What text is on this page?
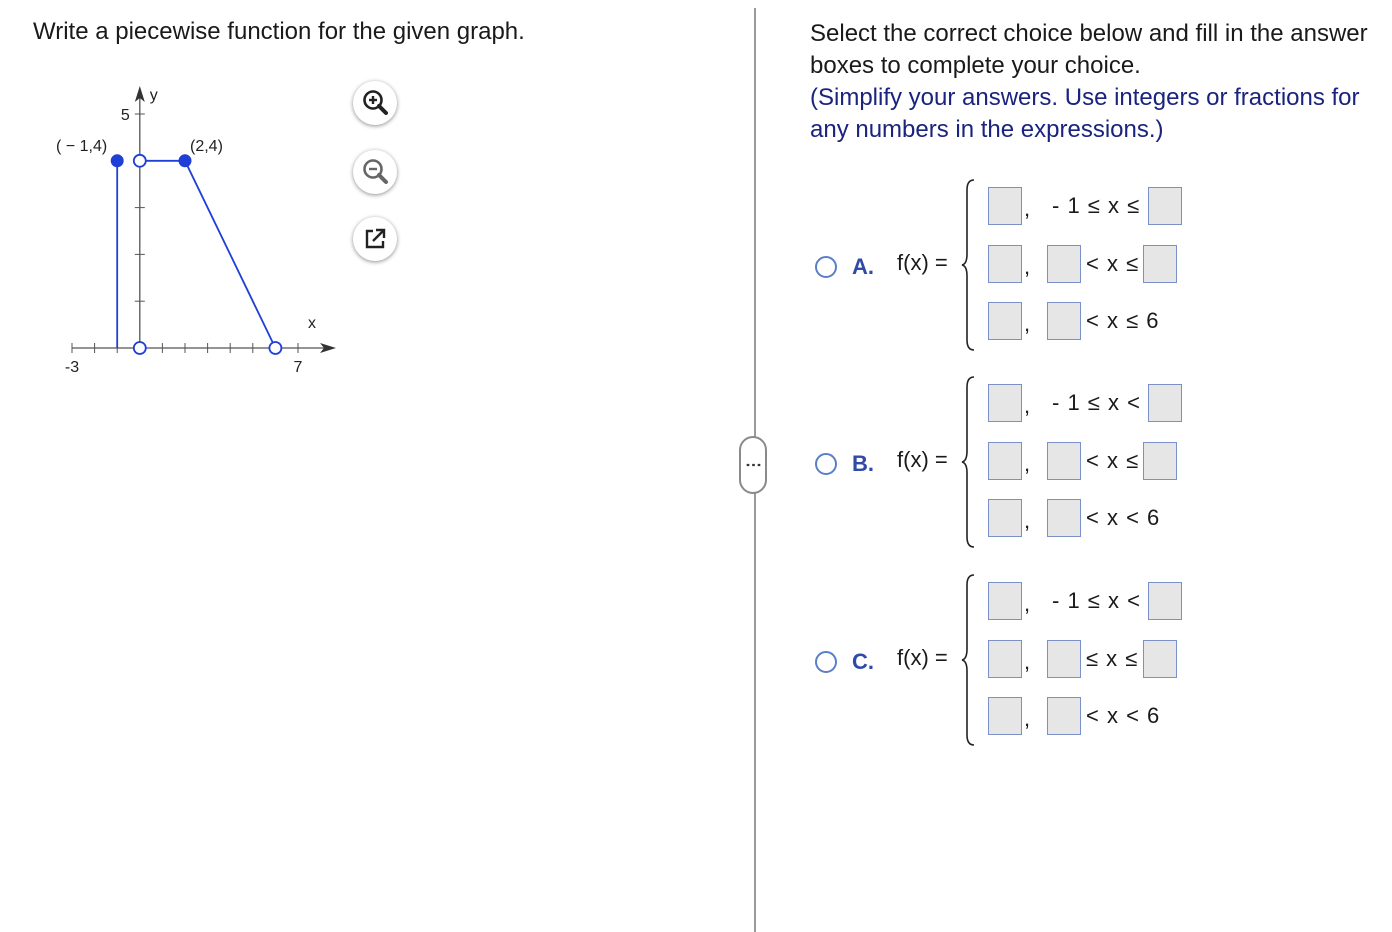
Write a piecewise function for the given graph.
y
x
5
-3	7
( − 1,4)	(2,4)
⋮
Select the correct choice below and fill in the answer boxes to complete your choice.
(Simplify your answers. Use integers or fractions for any numbers in the expressions.)
A. f(x) =
, - 1 ≤ x ≤
,	< x ≤
,	< x ≤ 6
B. f(x) =
, - 1 ≤ x <
,	< x ≤
,	< x < 6
C. f(x) =
, - 1 ≤ x <
,	≤ x ≤
,	< x < 6
